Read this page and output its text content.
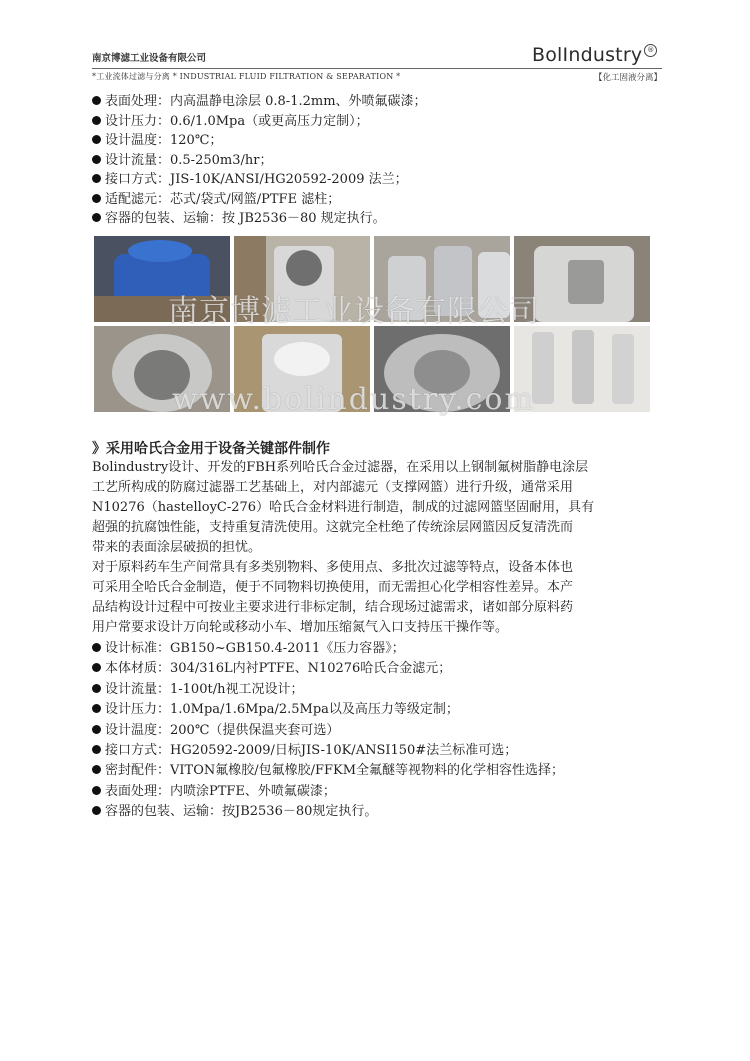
南京博滤工业设备有限公司	BolIndustry ®
*工业流体过滤与分离 * INDUSTRIAL FLUID FILTRATION & SEPARATION *	【化工固液分离】
表面处理：内高温静电涂层 0.8-1.2mm、外喷氟碳漆；
设计压力：0.6/1.0Mpa（或更高压力定制）；
设计温度：120℃；
设计流量：0.5-250m3/hr；
接口方式：JIS-10K/ANSI/HG20592-2009 法兰；
适配滤元：芯式/袋式/网篮/PTFE 滤柱；
容器的包装、运输：按 JB2536－80 规定执行。
南京博滤工业设备有限公司
www.bolindustry.com
》采用哈氏合金用于设备关键部件制作
Bolindustry设计、开发的FBH系列哈氏合金过滤器，在采用以上钢制氟树脂静电涂层
工艺所构成的防腐过滤器工艺基础上，对内部滤元（支撑网篮）进行升级，通常采用
N10276（hastelloyC-276）哈氏合金材料进行制造，制成的过滤网篮坚固耐用，具有
超强的抗腐蚀性能，支持重复清洗使用。这就完全杜绝了传统涂层网篮因反复清洗而
带来的表面涂层破损的担忧。
对于原料药车生产间常具有多类别物料、多使用点、多批次过滤等特点，设备本体也
可采用全哈氏合金制造，便于不同物料切换使用，而无需担心化学相容性差异。本产
品结构设计过程中可按业主要求进行非标定制，结合现场过滤需求，诸如部分原料药
用户常要求设计万向轮或移动小车、增加压缩氮气入口支持压干操作等。
设计标准：GB150~GB150.4-2011《压力容器》；
本体材质：304/316L内衬PTFE、N10276哈氏合金滤元；
设计流量：1-100t/h视工况设计；
设计压力：1.0Mpa/1.6Mpa/2.5Mpa以及高压力等级定制；
设计温度：200℃（提供保温夹套可选）
接口方式：HG20592-2009/日标JIS-10K/ANSI150#法兰标准可选；
密封配件：VITON氟橡胶/包氟橡胶/FFKM全氟醚等视物料的化学相容性选择；
表面处理：内喷涂PTFE、外喷氟碳漆；
容器的包装、运输：按JB2536－80规定执行。
